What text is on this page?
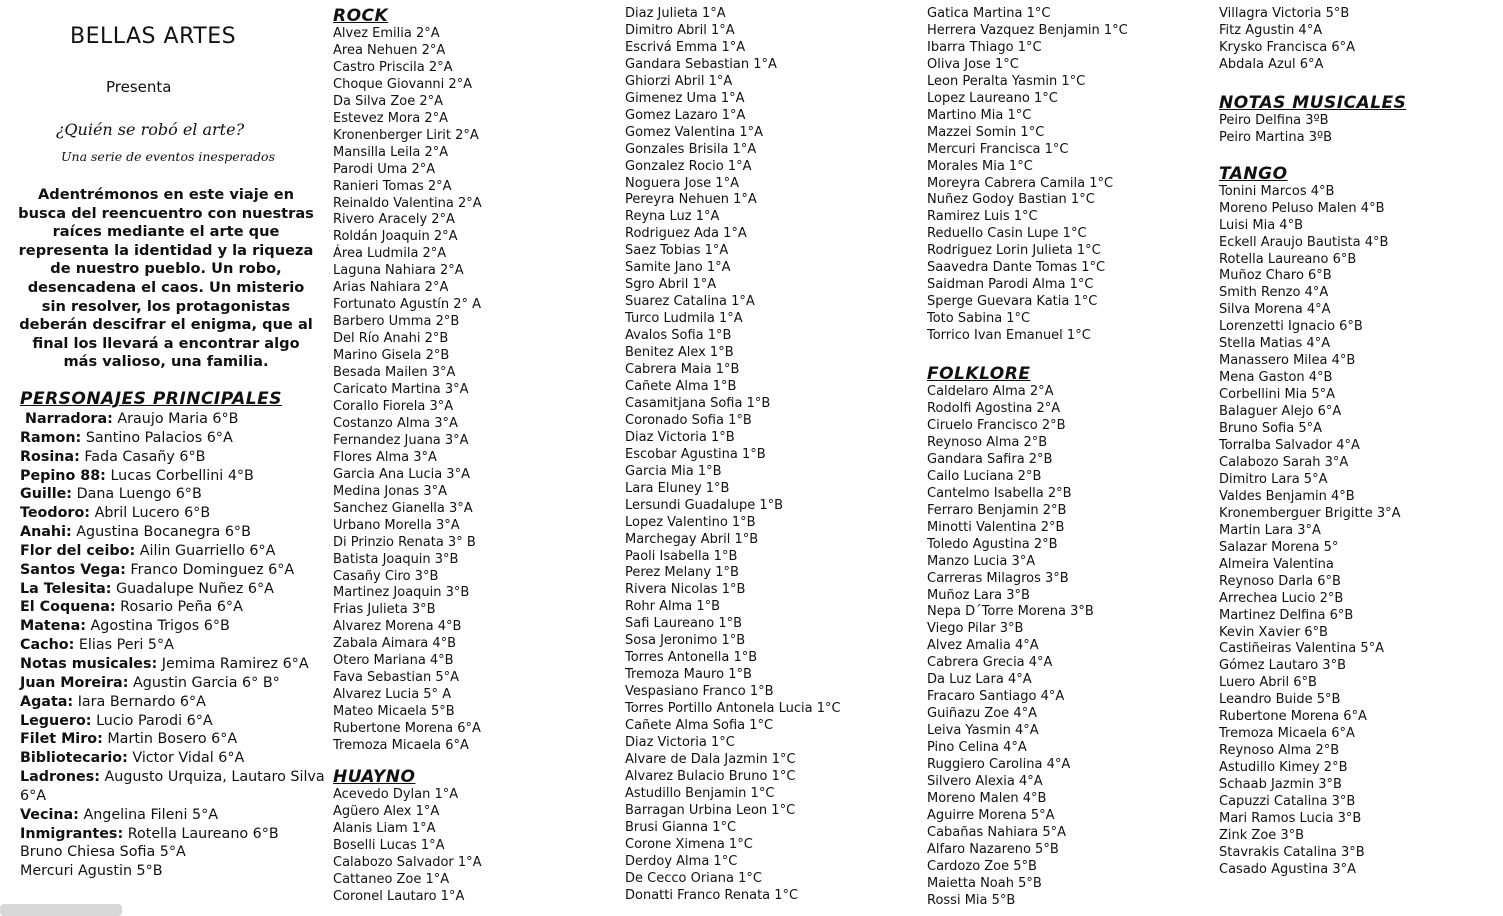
BELLAS ARTES
Presenta
¿Quién se robó el arte?
Una serie de eventos inesperados
Adentrémonos en este viaje en busca del reencuentro con nuestras raíces mediante el arte que representa la identidad y la riqueza de nuestro pueblo. Un robo, desencadena el caos. Un misterio sin resolver, los protagonistas deberán descifrar el enigma, que al final los llevará a encontrar algo más valioso, una familia.
PERSONAJES PRINCIPALES
Narradora: Araujo Maria 6°B
Ramon: Santino Palacios 6°A
Rosina: Fada Casañy 6°B
Pepino 88: Lucas Corbellini 4°B
Guille: Dana Luengo 6°B
Teodoro: Abril Lucero 6°B
Anahi: Agustina Bocanegra 6°B
Flor del ceibo: Ailin Guarriello 6°A
Santos Vega: Franco Dominguez 6°A
La Telesita: Guadalupe Nuñez 6°A
El Coquena: Rosario Peña 6°A
Matena: Agostina Trigos 6°B
Cacho: Elias Peri 5°A
Notas musicales: Jemima Ramirez 6°A
Juan Moreira: Agustin Garcia 6° B°
Agata: Iara Bernardo 6°A
Leguero: Lucio Parodi 6°A
Filet Miro: Martin Bosero 6°A
Bibliotecario: Victor Vidal 6°A
Ladrones: Augusto Urquiza, Lautaro Silva 6°A
Vecina: Angelina Fileni 5°A
Inmigrantes: Rotella Laureano 6°B
Bruno Chiesa Sofia 5°A
Mercuri Agustin 5°B
ROCK
Alvez Emilia 2°A
Area Nehuen 2°A
Castro Priscila 2°A
Choque Giovanni 2°A
Da Silva Zoe 2°A
Estevez Mora 2°A
Kronenberger Lirit 2°A
Mansilla Leila 2°A
Parodi Uma 2°A
Ranieri Tomas 2°A
Reinaldo Valentina 2°A
Rivero Aracely 2°A
Roldán Joaquin 2°A
Área Ludmila 2°A
Laguna Nahiara 2°A
Arias Nahiara 2°A
Fortunato Agustín 2° A
Barbero Umma 2°B
Del Río Anahi 2°B
Marino Gisela 2°B
Besada Mailen 3°A
Caricato Martina 3°A
Corallo Fiorela 3°A
Costanzo Alma 3°A
Fernandez Juana 3°A
Flores Alma 3°A
Garcia Ana Lucia 3°A
Medina Jonas 3°A
Sanchez Gianella 3°A
Urbano Morella 3°A
Di Prinzio Renata 3° B
Batista Joaquin 3°B
Casañy Ciro 3°B
Martinez Joaquin 3°B
Frias Julieta 3°B
Alvarez Morena 4°B
Zabala Aimara 4°B
Otero Mariana 4°B
Fava Sebastian 5°A
Alvarez Lucia 5° A
Mateo Micaela 5°B
Rubertone Morena 6°A
Tremoza Micaela 6°A
HUAYNO
Acevedo Dylan 1°A
Agüero Alex 1°A
Alanis Liam 1°A
Boselli Lucas 1°A
Calabozo Salvador 1°A
Cattaneo Zoe 1°A
Coronel Lautaro 1°A
Diaz Julieta 1°A
Dimitro Abril 1°A
Escrivá Emma 1°A
Gandara Sebastian 1°A
Ghiorzi Abril 1°A
Gimenez Uma 1°A
Gomez Lazaro 1°A
Gomez Valentina 1°A
Gonzales Brisila 1°A
Gonzalez Rocio 1°A
Noguera Jose 1°A
Pereyra Nehuen 1°A
Reyna Luz 1°A
Rodriguez Ada 1°A
Saez Tobias 1°A
Samite Jano 1°A
Sgro Abril 1°A
Suarez Catalina 1°A
Turco Ludmila 1°A
Avalos Sofia 1°B
Benitez Alex 1°B
Cabrera Maia 1°B
Cañete Alma 1°B
Casamitjana Sofia 1°B
Coronado Sofia 1°B
Diaz Victoria 1°B
Escobar Agustina 1°B
Garcia Mia 1°B
Lara Eluney 1°B
Lersundi Guadalupe 1°B
Lopez Valentino 1°B
Marchegay Abril 1°B
Paoli Isabella 1°B
Perez Melany 1°B
Rivera Nicolas 1°B
Rohr Alma 1°B
Safi Laureano 1°B
Sosa Jeronimo 1°B
Torres Antonella 1°B
Tremoza Mauro 1°B
Vespasiano Franco 1°B
Torres Portillo Antonela Lucia 1°C
Cañete Alma Sofia 1°C
Diaz Victoria 1°C
Alvare de Dala Jazmin 1°C
Alvarez Bulacio Bruno 1°C
Astudillo Benjamin 1°C
Barragan Urbina Leon 1°C
Brusi Gianna 1°C
Corone Ximena 1°C
Derdoy Alma 1°C
De Cecco Oriana 1°C
Donatti Franco Renata 1°C
Gatica Martina 1°C
Herrera Vazquez Benjamin 1°C
Ibarra Thiago 1°C
Oliva Jose 1°C
Leon Peralta Yasmin 1°C
Lopez Laureano 1°C
Martino Mia 1°C
Mazzei Somin 1°C
Mercuri Francisca 1°C
Morales Mia 1°C
Moreyra Cabrera Camila 1°C
Nuñez Godoy Bastian 1°C
Ramirez Luis 1°C
Reduello Casin Lupe 1°C
Rodriguez Lorin Julieta 1°C
Saavedra Dante Tomas 1°C
Saidman Parodi Alma 1°C
Sperge Guevara Katia 1°C
Toto Sabina 1°C
Torrico Ivan Emanuel 1°C
FOLKLORE
Caldelaro Alma 2°A
Rodolfi Agostina 2°A
Ciruelo Francisco 2°B
Reynoso Alma 2°B
Gandara Safira 2°B
Cailo Luciana 2°B
Cantelmo Isabella 2°B
Ferraro Benjamin 2°B
Minotti Valentina 2°B
Toledo Agustina 2°B
Manzo Lucia 3°A
Carreras Milagros 3°B
Muñoz Lara 3°B
Nepa D´Torre Morena 3°B
Viego Pilar 3°B
Alvez Amalia 4°A
Cabrera Grecia 4°A
Da Luz Lara 4°A
Fracaro Santiago 4°A
Guiñazu Zoe 4°A
Leiva Yasmin 4°A
Pino Celina 4°A
Ruggiero Carolina 4°A
Silvero Alexia 4°A
Moreno Malen 4°B
Aguirre Morena 5°A
Cabañas Nahiara 5°A
Alfaro Nazareno 5°B
Cardozo Zoe 5°B
Maietta Noah 5°B
Rossi Mia 5°B
Villagra Victoria 5°B
Fitz Agustin 4°A
Krysko Francisca 6°A
Abdala Azul 6°A
NOTAS MUSICALES
Peiro Delfina 3ºB
Peiro Martina 3ºB
TANGO
Tonini Marcos 4°B
Moreno Peluso Malen 4°B
Luisi Mia 4°B
Eckell Araujo Bautista 4°B
Rotella Laureano 6°B
Muñoz Charo 6°B
Smith Renzo 4°A
Silva Morena 4°A
Lorenzetti Ignacio 6°B
Stella Matias 4°A
Manassero Milea 4°B
Mena Gaston 4°B
Corbellini Mia 5°A
Balaguer Alejo 6°A
Bruno Sofia 5°A
Torralba Salvador 4°A
Calabozo Sarah 3°A
Dimitro Lara 5°A
Valdes Benjamin 4°B
Kronemberguer Brigitte 3°A
Martin Lara 3°A
Salazar Morena 5°
Almeira Valentina
Reynoso Darla 6°B
Arrechea Lucio 2°B
Martinez Delfina 6°B
Kevin Xavier 6°B
Castiñeiras Valentina 5°A
Gómez Lautaro 3°B
Luero Abril 6°B
Leandro Buide 5°B
Rubertone Morena 6°A
Tremoza Micaela 6°A
Reynoso Alma 2°B
Astudillo Kimey 2°B
Schaab Jazmin 3°B
Capuzzi Catalina 3°B
Mari Ramos Lucia 3°B
Zink Zoe 3°B
Stavrakis Catalina 3°B
Casado Agustina 3°A
